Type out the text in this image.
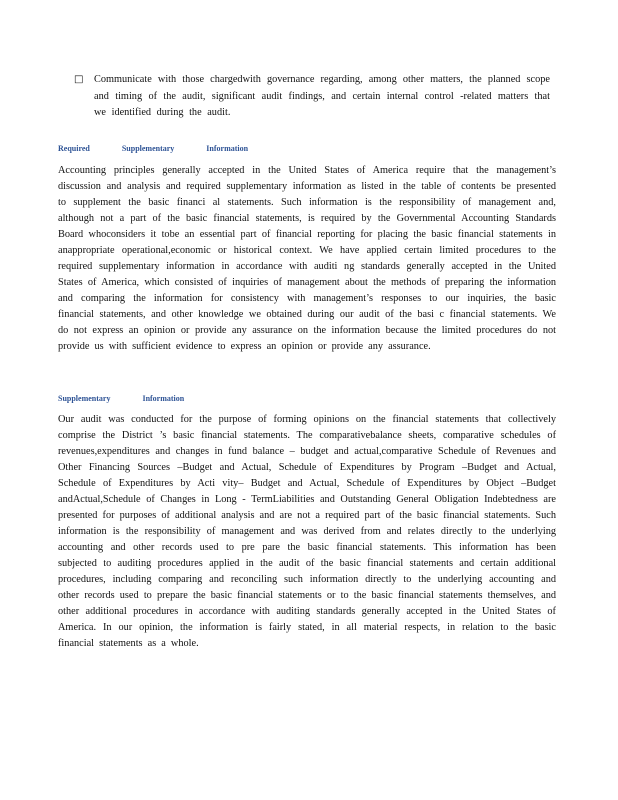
□	Communicate with those chargedwith governance regarding, among other matters, the planned scope and timing of the audit, significant audit findings, and certain internal control -related matters that we identified during the audit.
Required Supplementary Information
Accounting principles generally accepted in the United States of America require that the management’s discussion and analysis and required supplementary information as listed in the table of contents be presented to supplement the basic financi al statements. Such information is the responsibility of management and, although not a part of the basic financial statements, is required by the Governmental Accounting Standards Board whoconsiders it tobe an essential part of financial reporting for placing the basic financial statements in anappropriate operational,economic or historical context. We have applied certain limited procedures to the required supplementary information in accordance with auditi ng standards generally accepted in the United States of America, which consisted of inquiries of management about the methods of preparing the information and comparing the information for consistency with management’s responses to our inquiries, the basic financial statements, and other knowledge we obtained during our audit of the basi c financial statements. We do not express an opinion or provide any assurance on the information because the limited procedures do not provide us with sufficient evidence to express an opinion or provide any assurance.
Supplementary Information
Our audit was conducted for the purpose of forming opinions on the financial statements that collectively comprise the District ’s basic financial statements. The comparativebalance sheets, comparative schedules of revenues,expenditures and changes in fund balance – budget and actual,comparative Schedule of Revenues and Other Financing Sources –Budget and Actual, Schedule of Expenditures by Program –Budget and Actual, Schedule of Expenditures by Acti vity– Budget and Actual, Schedule of Expenditures by Object –Budget andActual,Schedule of Changes in Long - TermLiabilities and Outstanding General Obligation Indebtedness are presented for purposes of additional analysis and are not a required part of the basic financial statements. Such information is the responsibility of management and was derived from and relates directly to the underlying accounting and other records used to pre pare the basic financial statements. This information has been subjected to auditing procedures applied in the audit of the basic financial statements and certain additional procedures, including comparing and reconciling such information directly to the underlying accounting and other records used to prepare the basic financial statements or to the basic financial statements themselves, and other additional procedures in accordance with auditing standards generally accepted in the United States of America. In our opinion, the information is fairly stated, in all material respects, in relation to the basic financial statements as a whole.
